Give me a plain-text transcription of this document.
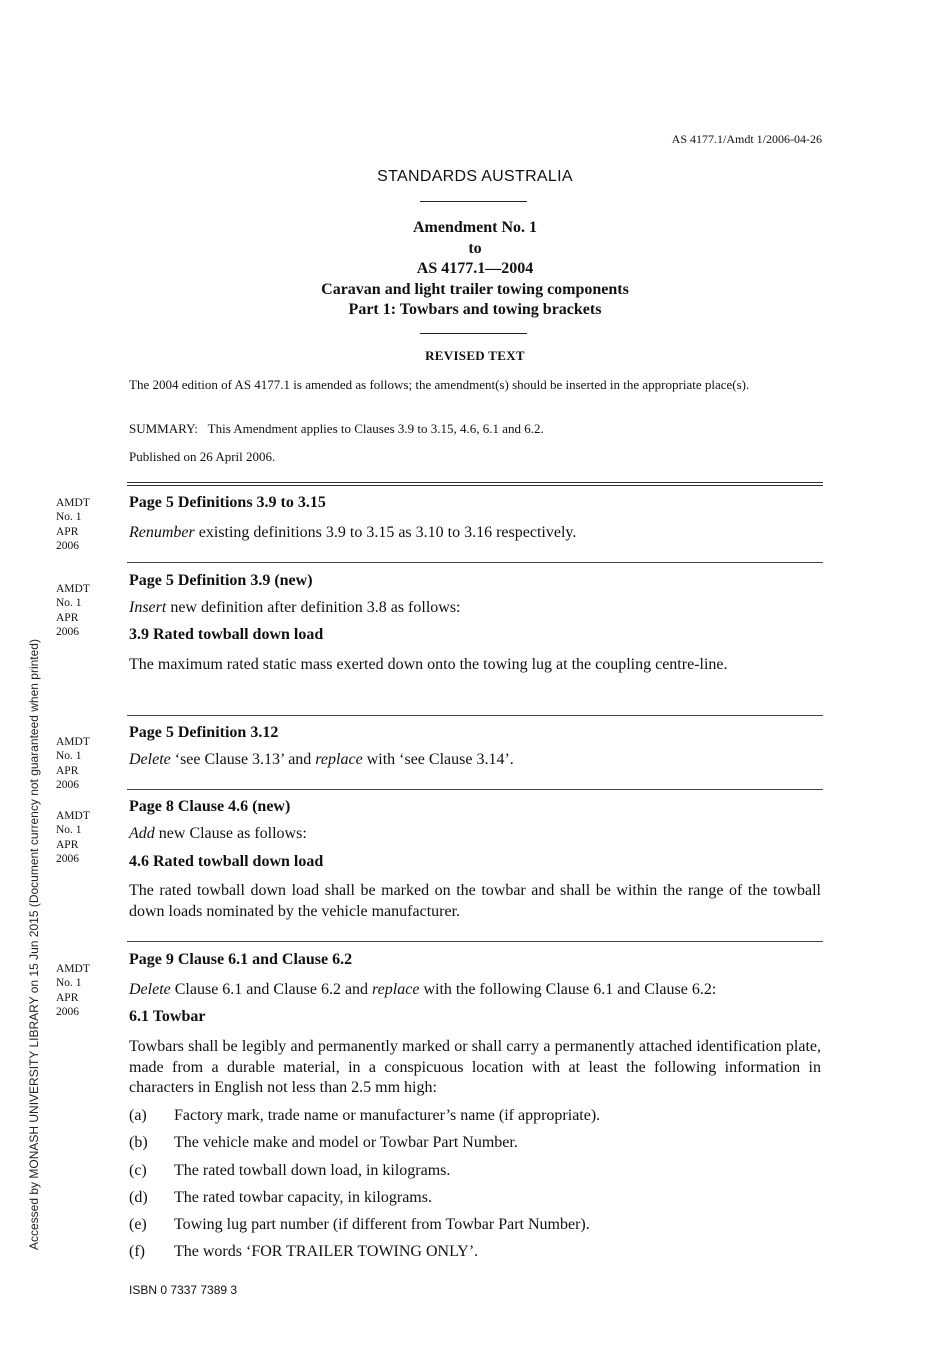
AS 4177.1/Amdt 1/2006-04-26
STANDARDS AUSTRALIA
Amendment No. 1
to
AS 4177.1—2004
Caravan and light trailer towing components
Part 1: Towbars and towing brackets
REVISED TEXT
The 2004 edition of AS 4177.1 is amended as follows; the amendment(s) should be inserted in the appropriate place(s).
SUMMARY: This Amendment applies to Clauses 3.9 to 3.15, 4.6, 6.1 and 6.2.
Published on 26 April 2006.
AMDT
No. 1
APR
2006
Page 5 Definitions 3.9 to 3.15
Renumber existing definitions 3.9 to 3.15 as 3.10 to 3.16 respectively.
AMDT
No. 1
APR
2006
Page 5 Definition 3.9 (new)
Insert new definition after definition 3.8 as follows:
3.9 Rated towball down load
The maximum rated static mass exerted down onto the towing lug at the coupling centre-line.
AMDT
No. 1
APR
2006
Page 5 Definition 3.12
Delete ‘see Clause 3.13’ and replace with ‘see Clause 3.14’.
AMDT
No. 1
APR
2006
Page 8 Clause 4.6 (new)
Add new Clause as follows:
4.6 Rated towball down load
The rated towball down load shall be marked on the towbar and shall be within the range of the towball down loads nominated by the vehicle manufacturer.
AMDT
No. 1
APR
2006
Page 9 Clause 6.1 and Clause 6.2
Delete Clause 6.1 and Clause 6.2 and replace with the following Clause 6.1 and Clause 6.2:
6.1 Towbar
Towbars shall be legibly and permanently marked or shall carry a permanently attached identification plate, made from a durable material, in a conspicuous location with at least the following information in characters in English not less than 2.5 mm high:
(a) Factory mark, trade name or manufacturer’s name (if appropriate).
(b) The vehicle make and model or Towbar Part Number.
(c) The rated towball down load, in kilograms.
(d) The rated towbar capacity, in kilograms.
(e) Towing lug part number (if different from Towbar Part Number).
(f) The words ‘FOR TRAILER TOWING ONLY’.
ISBN 0 7337 7389 3
Accessed by MONASH UNIVERSITY LIBRARY on 15 Jun 2015 (Document currency not guaranteed when printed)
